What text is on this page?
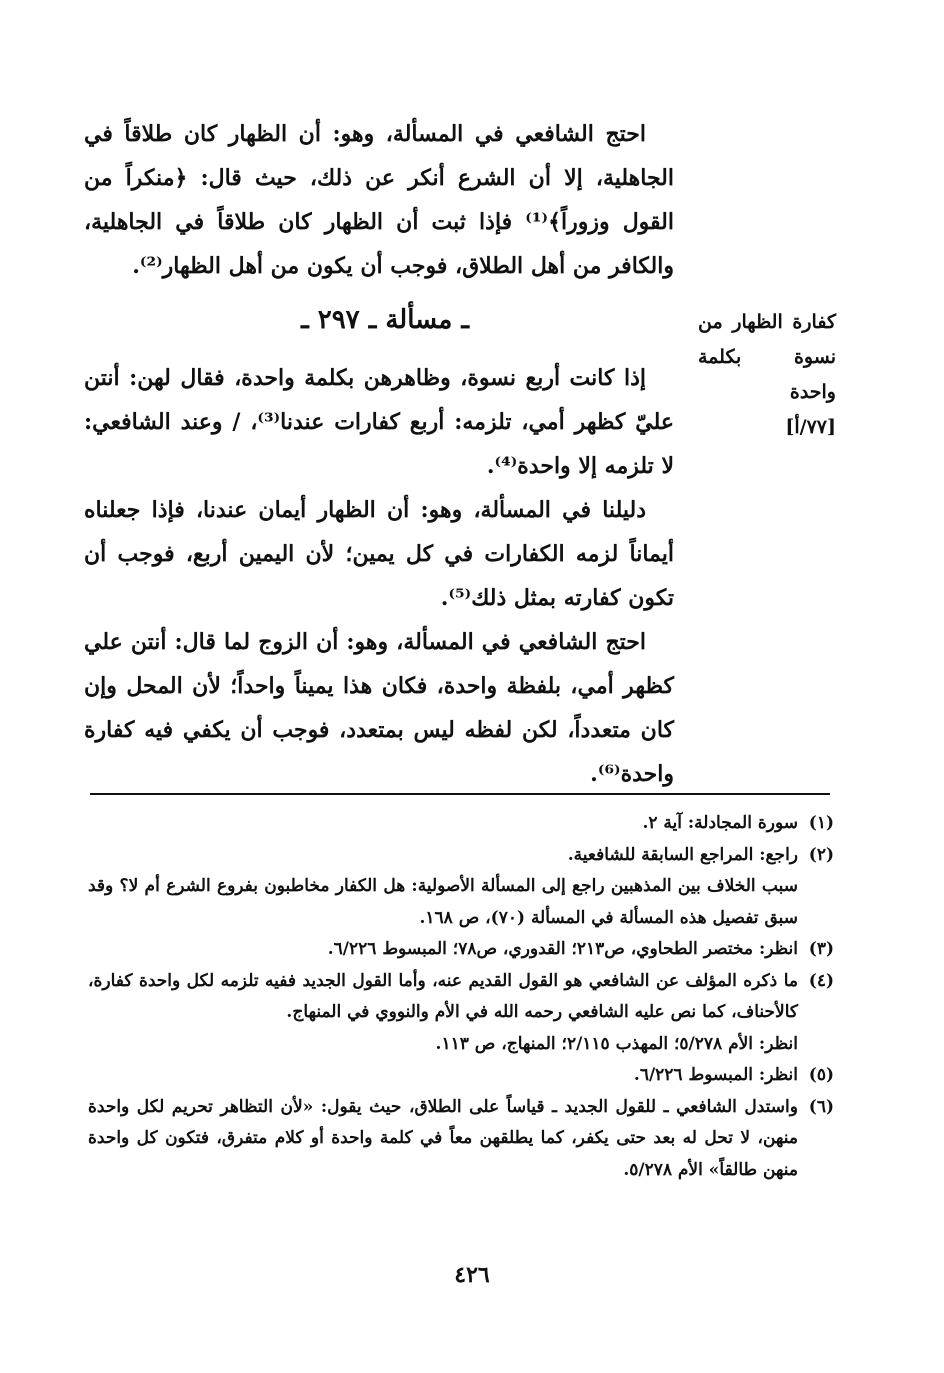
احتج الشافعي في المسألة، وهو: أن الظهار كان طلاقاً في الجاهلية، إلا أن الشرع أنكر عن ذلك، حيث قال: ﴿منكراً من القول وزوراً﴾⁽¹⁾ فإذا ثبت أن الظهار كان طلاقاً في الجاهلية، والكافر من أهل الطلاق، فوجب أن يكون من أهل الظهار⁽²⁾.

ـ مسألة ـ ٢٩٧ ـ	كفارة الظهار من نسوة بكلمة واحدة
[٧٧/أ]

إذا كانت أربع نسوة، وظاهرهن بكلمة واحدة، فقال لهن: أنتن عليّ كظهر أمي، تلزمه: أربع كفارات عندنا⁽³⁾، / وعند الشافعي: لا تلزمه إلا واحدة⁽⁴⁾.

دليلنا في المسألة، وهو: أن الظهار أيمان عندنا، فإذا جعلناه أيماناً لزمه الكفارات في كل يمين؛ لأن اليمين أربع، فوجب أن تكون كفارته بمثل ذلك⁽⁵⁾.

احتج الشافعي في المسألة، وهو: أن الزوج لما قال: أنتن علي كظهر أمي، بلفظة واحدة، فكان هذا يميناً واحداً؛ لأن المحل وإن كان متعدداً، لكن لفظه ليس بمتعدد، فوجب أن يكفي فيه كفارة واحدة⁽⁶⁾.

(١)سورة المجادلة: آية ٢.

(٢)راجع: المراجع السابقة للشافعية.

سبب الخلاف بين المذهبين راجع إلى المسألة الأصولية: هل الكفار مخاطبون بفروع الشرع أم لا؟ وقد سبق تفصيل هذه المسألة في المسألة (٧٠)، ص ١٦٨.

(٣)انظر: مختصر الطحاوي، ص٢١٣؛ القدوري، ص٧٨؛ المبسوط ٦/٢٢٦.

(٤)ما ذكره المؤلف عن الشافعي هو القول القديم عنه، وأما القول الجديد ففيه تلزمه لكل واحدة كفارة، كالأحناف، كما نص عليه الشافعي رحمه الله في الأم والنووي في المنهاج.

انظر: الأم ٥/٢٧٨؛ المهذب ٢/١١٥؛ المنهاج، ص ١١٣.

(٥)انظر: المبسوط ٦/٢٢٦.

(٦)واستدل الشافعي ـ للقول الجديد ـ قياساً على الطلاق، حيث يقول: «لأن التظاهر تحريم لكل واحدة منهن، لا تحل له بعد حتى يكفر، كما يطلقهن معاً في كلمة واحدة أو كلام متفرق، فتكون كل واحدة منهن طالقاً» الأم ٥/٢٧٨.

٤٢٦
